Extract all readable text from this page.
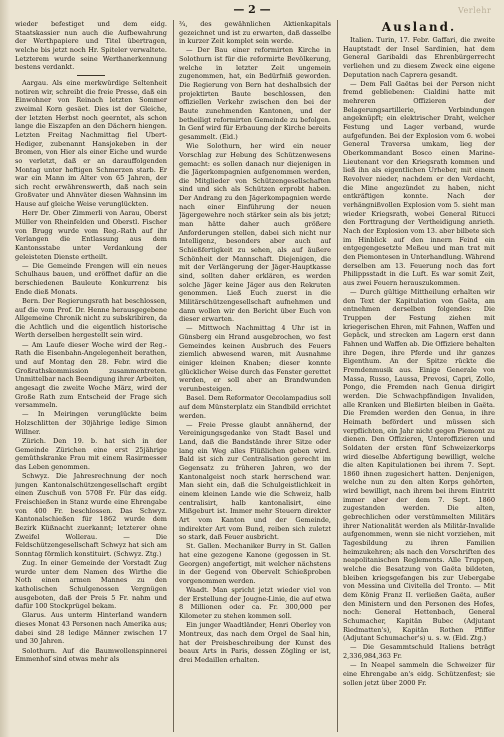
— 2 —	Verlehr

wieder befestiget und dem eidg. Staatskassier nun auch die Aufbewahrung der Werthpapiere und Titel übertragen, welche bis jetzt noch Hr. Spiteler verwaltete. Letzterem wurde seine Werthanerkennung bestens verdankt.

Aargau. Als eine merkwürdige Seltenheit notiren wir, schreibt die freie Presse, daß ein Einwohner von Reinach letzten Sommer zweimal Korn gesäet. Dies ist der Gleiche, der letzten Herbst noch geerntet, als schon lange die Eiszapfen an den Dächern hiengen. Letzten Freitag Nachmittag fiel Ubert-Hediger, zubenannt Hansjokeben in der Bromen, von Hier als einer Eiche und wurde so verletzt, daß er an darauffolgenden Montag unter heftigen Schmerzen starb. Er war ein Mann im Alter von 65 Jahren, der sich recht erwährenswerth, daß nach sein Großvater und Ahnväter diesen Wahnsinn im Hause auf gleiche Weise verunglückten.

Herr Dr. Ober Zimmerli von Aarau, Oberst Müller von Rheinfelden und Oberstl. Fischer von Brugg wurde vom Reg.-Rath auf ihr Verlangen die Entlassung aus dem Kantonsstabe unter Verdankung der geleisteten Dienste ertheilt.

— Die Gemeinde Frengen will ein neues Schulhaus bauen, und eröffnet dafür an die berschiedenen Bauleute Konkurrenz bis Ende dieß Monats.

Bern. Der Regierungsrath hat beschlossen, auf die vom Prof. Dr. Henne herausgegebene Allgemeine Chronik nicht zu subskribiren, da die Achtlich und die eigentlich historische Werth derselben hergestellt sein wird.

— Am Laufe dieser Woche wird der Reg.-Rath die Eisenbahn-Angelegenheit berathen, und auf Montag den 28. Febr. wird die Großrathskommission zusammentreten. Unmittelbar nach Beendigung ihrer Arbeiten, angesagt die zweite Woche März, wird der Große Rath zum Entscheid der Frage sich versammeln.

— In Meiringen verunglückte beim Holzschlitten der 30jährige ledige Simon Willner.

Zürich. Den 19. b. hat sich in der Gemeinde Zürichen eine erst 25jährige gemüthskranke Frau mit einem Rasirmesser das Leben genommen.

Schwyz. Die Jahresrechnung der noch jungen Kantonalschützengesellschaft ergibt einen Zuschuß von 5708 Fr. Für das eidg. Freischießen in Stanz wurde eine Ehrengabe von 400 Fr. beschlossen. Das Schwyz. Kantonalschießen für 1862 wurde dem Bezirk Küßnacht zuerkannt; letzterer ohne Zweifel Wollerau. — Die Feldschützengesellschaft Schwyz hat sich am Sonntag förmlich konstituirt. (Schwyz. Ztg.)

Zug. In einer Gemeinde der Vorstadt Zug wurde unter dem Namen des Wirthe die Noth einen armen Mannes zu den katholischen Schulgenossen Vergnügen ausgeboten, daß der Preis 5 Fr. nahm und dafür 100 Stockprügel bekam.

Glarus. Aus unterm Hinterland wandern dieses Monat 43 Personen nach Amerika aus; dabei sind 28 ledige Männer zwischen 17 und 30 Jahren.

Solothurn. Auf die Baumwollenspinnerei Emmenhof sind etwas mehr als

¾, des gewähnlichen Aktienkapitals gezeichnet und ist zu erwarten, daß dasselbe in kurzer Zeit komplet sein werde.

— Der Bau einer reformirten Kirche in Solothurn ist für die reformirte Bevölkerung, welche in letzter Zeit ungemein zugenommen, hat, ein Bedürfniß geworden. Die Regierung von Bern hat deshalbsich der projektirten Baute beschlossen, den offiziellen Verkehr zwischen den bei der Baute zunehmenden Kantonen, und der betheiligt reformirten Gemeinde zu befolgen. In Genf wird für Erbauung der Kirche bereits gesammelt. (Eid.)

Wie Solothurn, her wird ein neuer Vorschlag zur Hebung des Schützenwesens gemacht: es sollen danach nur diejenigen in die Jägerkompagnien aufgenommen werden, die Mitglieder von Schützengesellschaften sind und sich als Schützen erprobt haben. Der Andrang zu den Jägerkompagnien werde nach einer Einführung der neuen Jägergewehre noch stärker sein als bis jetzt; man hätte daher auch größere Anforderungen stellen, dabei sich nicht nur Intelligenz, besonders aber auch auf Schießfertigkeit zu sehen, als auf äußere Schönheit der Mannschaft. Diejenigen, die mit der Verlängerung der Jäger-Hauptkasse sind, sollten daher erklären, es werden solche Jäger keine Jäger aus den Rekruten genommen. Ließ Euch zuerst in die Militärschützengesellschaft aufnehmen und dann wollen wir den Bericht über Euch von dieser erwarten.

— Mittwoch Nachmittag 4 Uhr ist in Günsberg ein Hrand ausgebrochen, wo fest Gemeindes keinen Ausbruch des Feuers ziemlich abwesend waren, mit Ausnahme einiger kleinen Knaben; dieser konnte glücklicher Weise durch das Fenster gerettet werden, er soll aber an Brandwunden verunbesteigen.

Basel. Dem Reformator Oecolampadius soll auf dem Münsterplatz ein Standbild errichtet werden.

— Freie Presse glaubt annähernd, der Vereinigungsgedanke von Stadt Basel und Land, daß die Bandstände ihrer Sitze oder lang ein Weg alles Flüßlichen geben wird. Bald ist sich zur Centralisation gerecht im Gegensatz zu früheren Jahren, wo der Kantonalgeist noch stark herrschend war. Man sieht ein, daß die Schulgeistlichkeit in einem kleinen Lande wie die Schweiz, halb centralisirt, halb kantonalisirt, eine Mißgeburt ist. Immer mehr Steuern direkter Art vom Kanton und der Gemeinde, indirekter Art vom Bund, reiben sich zuletzt so stark, daß Feuer ausbricht.

St. Gallen. Mechaniker Burry in St. Gallen hat eine gezogene Kanone (gegossen in St. Georgen) angefertigt, mit welcher nächstens in der Gegend von Obervelt Schießproben vorgenommen werden.

Waadt. Man spricht jetzt wieder viel von der Erstellung der Jougne-Linie, die auf etwa 8 Millionen oder ca. Fr. 300,000 per Kilometer zu stehen kommen soll.

Ein junger Waadtländer, Henri Oberley von Montreux, das nach dem Orgel de Saal hin, hat der Preisbeschreibung der Kunst des beaux Arts in Paris, dessen Zögling er ist, drei Medaillen erhalten.

Ausland.

Italien. Turin, 17. Febr. Gaffari, die zweite Hauptstadt der Insel Sardinien, hat dem General Garibaldi das Ehrenbürgerrecht verliehen und zu diesem Zweck eine eigene Deputation nach Caprera gesandt.

— Dem Fall Gaëtas bei der Person nicht fremd gebliebenen: Cialdini hatte mit mehreren Offizieren der Belagerungsartillerie, Verbindungen angeknüpft; ein elektrischer Draht, welcher Festung und Lager verband, wurde aufgefunden. Bei der Explosion vom 6. wobei General Traversa umkam, lieg der Oberkommandant Bosco einen Marine-Lieutenant vor den Kriegsrath kommen und ließ ihn als eigentlichen Urheber, mit einem Revolver nieder, nachdem er den Verdacht, die Mine angezündet zu haben, nicht entkräftigen konnte. Nach der verhängnißvollen Explosion vom 5. sieht man wieder Kriegsrath, wobei General Ritucci den Forttragung der Vertheidigung anrieth. Nach der Explosion vom 13. aber bilbete sich im Hinblick auf den innern Feind ein entgegengesetzte Meßeu und man trat mit den Piemontesen in Unterhandlung. Während derselben am 13. Feuerung noch das fort Philippsstadt in die Luft. Es war somit Zeit, aus zwei Feuern herauszukommen.

— Durch gültige Mittheilung erhalten wir den Text der Kapitulation von Gaëta, am entnehmen derselben folgendes: Die Truppen der Festung ziehen mit kriegerischen Ehren, mit Fahnen, Waffen und Gepäck, und strecken am Lagern erst dann Fahnen und Waffen ab. Die Offiziere behalten ihre Degen, ihre Pferde und ihr ganzes Eigenthum. An der Spitze rückte die Fremdenmusik aus. Einige Generale von Massa, Russo, Laussa, Prevosi, Capri, Zollo, Pongo, die Fremden nach Genua dirigirt werden. Die Schwachpfändigen Invaliden, alle Kranken und Bleßirten bleiben in Gaëta. Die Fremden werden den Genua, in ihre Heimath befördert und müssen sich verpflichten, ein Jahr nicht gegen Piemont zu dienen. Den Offizieren, Unteroffizieren und Soldaten der ersten fünf Schweizerkorps wird dieselbe Abfertigung bewilligt, welche die alten Kapitulationen bei ihrem 7. Sept. 1860 ihnen zugesichert hatten. Denjenigen, welche nun zu den alten Korps gehörten, wird bewilligt, nach ihrem bei ihrem Eintritt immer aber der dem 7. Sept. 1860 zugestanden werden. Die alten, gebrechlichen oder verstümmelten Militärs ihrer Nationalität werden als Militär-Invalide aufgenommen, wenn sie nicht vorziehen, mit Tagesbildung zu ihren Familien heimzukehren; als nach den Vorschriften des neapolitanischen Reglements. Alle Truppen, welche die Besatzung von Gaëta bildeten, bleiben kriegsgefangen bis zur Uebergabe von Messina und Civitella del Tronto. — Mit dem König Franz II. verließen Gaëta, außer den Ministern und den Personen des Hofes, noch: General Hettenbach, General Schumacher, Kapitän Bubec (Adjutant Riedmatten's), Kapitän Rothen Pfiffer (Adjutant Schumacher's) u. s. w. (Eid. Ztg.)

— Die Gesammtschuld Italiens beträgt 2,336,984,363 Fr.

— In Neapel sammeln die Schweizer für eine Ehrengabe an's eidg. Schützenfest; sie sollen jetzt über 2000 Fr.
